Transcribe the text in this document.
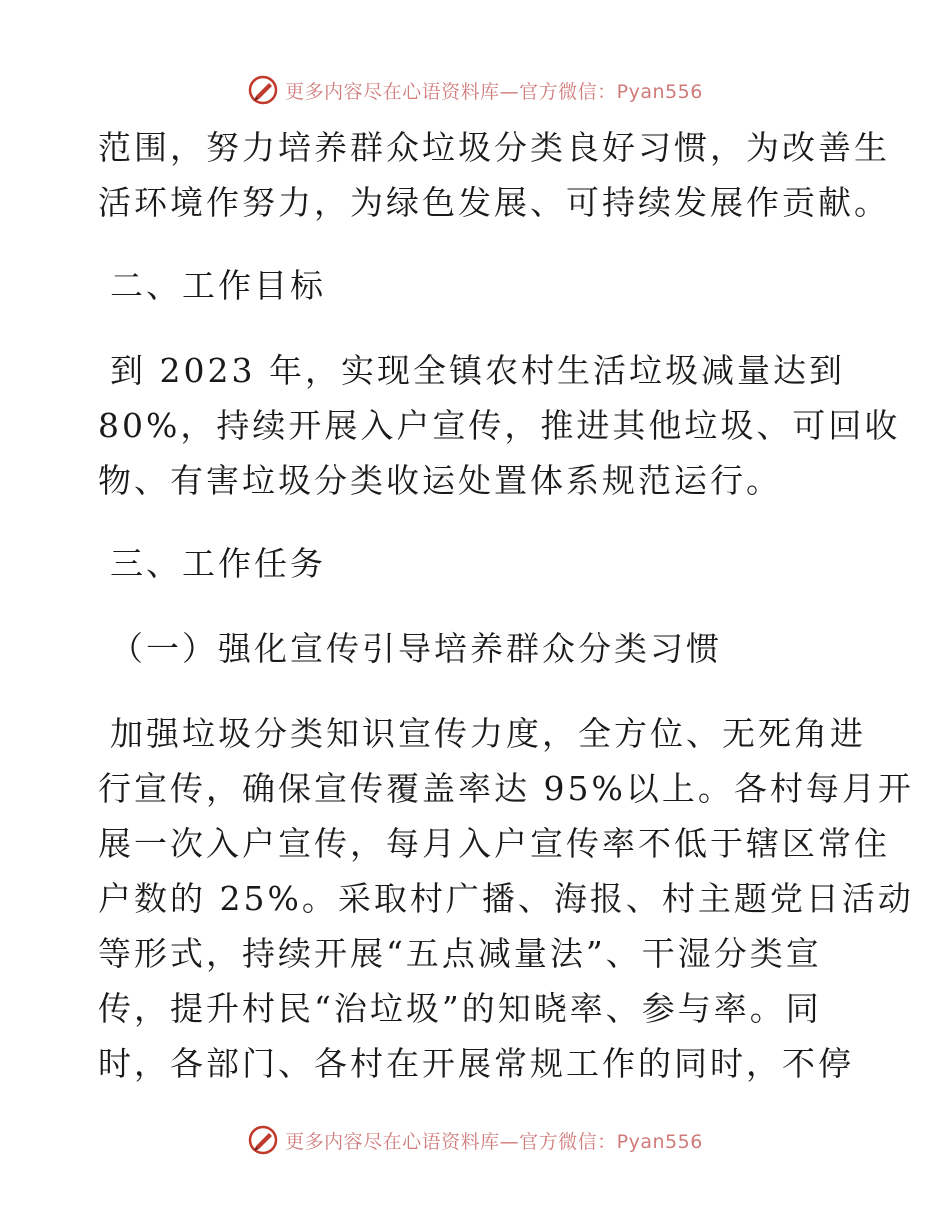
更多内容尽在心语资料库—官方微信：Pyan556
范围，努力培养群众垃圾分类良好习惯，为改善生
活环境作努力，为绿色发展、可持续发展作贡献。
二、工作目标
到 2023 年，实现全镇农村生活垃圾减量达到
80%，持续开展入户宣传，推进其他垃圾、可回收
物、有害垃圾分类收运处置体系规范运行。
三、工作任务
（一）强化宣传引导培养群众分类习惯
加强垃圾分类知识宣传力度，全方位、无死角进
行宣传，确保宣传覆盖率达 95%以上。各村每月开
展一次入户宣传，每月入户宣传率不低于辖区常住
户数的 25%。采取村广播、海报、村主题党日活动
等形式，持续开展“五点减量法”、干湿分类宣
传，提升村民“治垃圾”的知晓率、参与率。同
时，各部门、各村在开展常规工作的同时，不停
更多内容尽在心语资料库—官方微信：Pyan556
